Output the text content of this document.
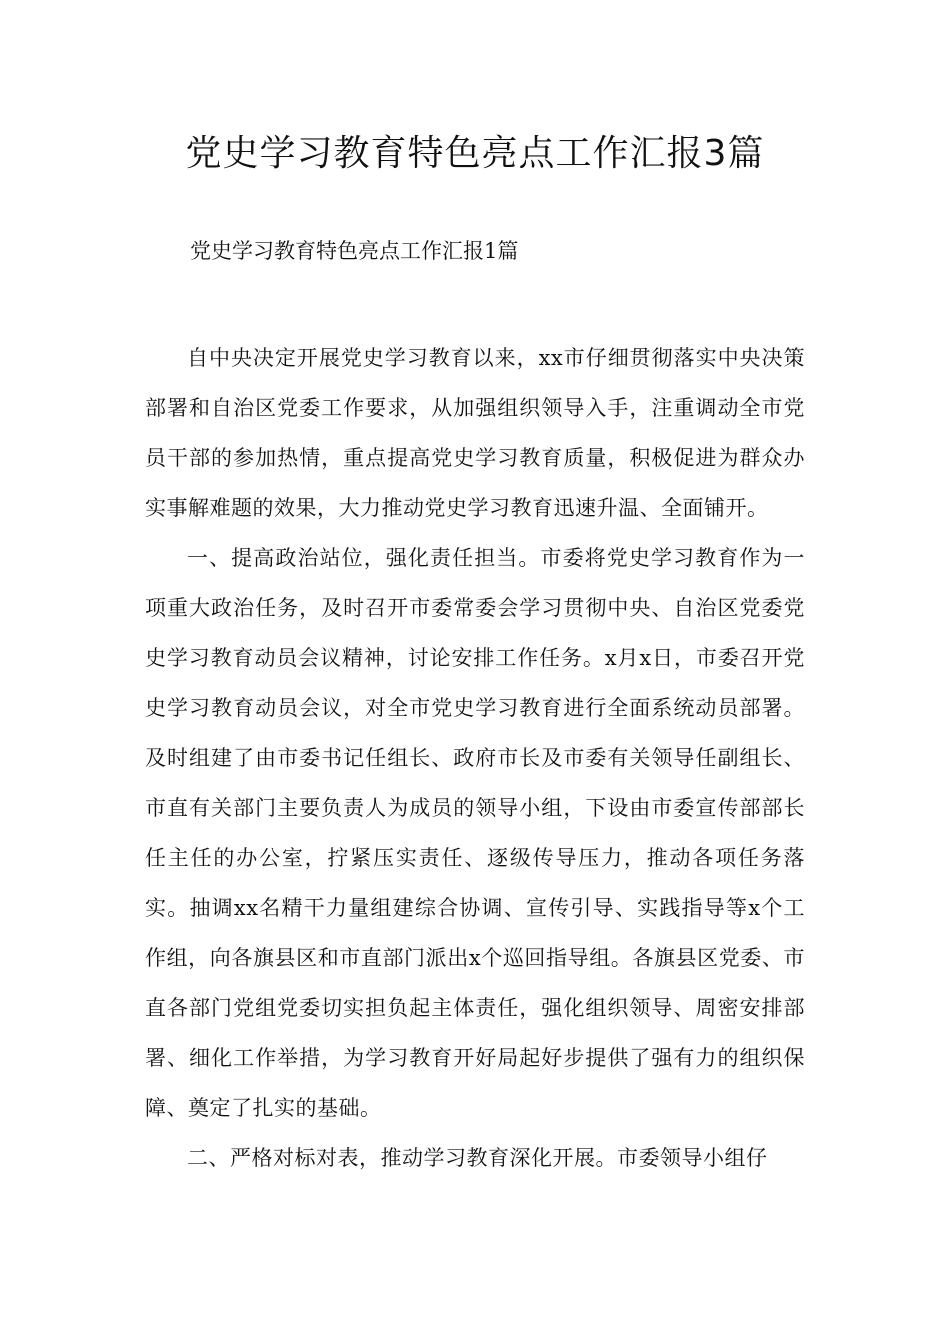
党史学习教育特色亮点工作汇报3篇

党史学习教育特色亮点工作汇报1篇

自中央决定开展党史学习教育以来，xx市仔细贯彻落实中央决策部署和自治区党委工作要求，从加强组织领导入手，注重调动全市党员干部的参加热情，重点提高党史学习教育质量，积极促进为群众办实事解难题的效果，大力推动党史学习教育迅速升温、全面铺开。

一、提高政治站位，强化责任担当。市委将党史学习教育作为一项重大政治任务，及时召开市委常委会学习贯彻中央、自治区党委党史学习教育动员会议精神，讨论安排工作任务。x月x日，市委召开党史学习教育动员会议，对全市党史学习教育进行全面系统动员部署。及时组建了由市委书记任组长、政府市长及市委有关领导任副组长、市直有关部门主要负责人为成员的领导小组，下设由市委宣传部部长任主任的办公室，拧紧压实责任、逐级传导压力，推动各项任务落实。抽调xx名精干力量组建综合协调、宣传引导、实践指导等x个工作组，向各旗县区和市直部门派出x个巡回指导组。各旗县区党委、市直各部门党组党委切实担负起主体责任，强化组织领导、周密安排部署、细化工作举措，为学习教育开好局起好步提供了强有力的组织保障、奠定了扎实的基础。

二、严格对标对表，推动学习教育深化开展。市委领导小组仔
